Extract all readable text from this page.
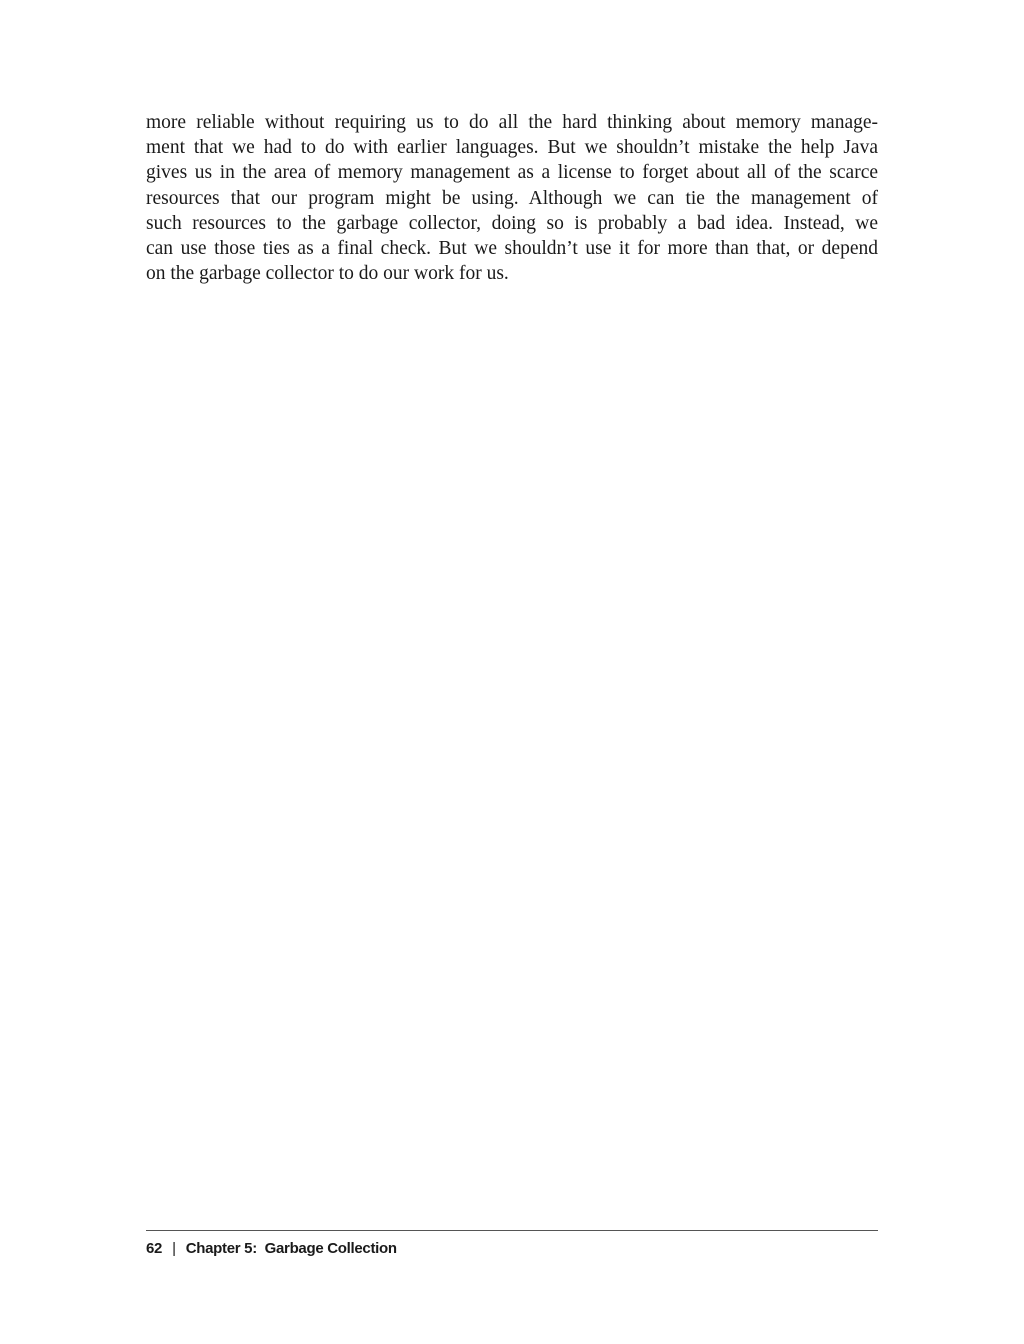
more reliable without requiring us to do all the hard thinking about memory manage-
ment that we had to do with earlier languages. But we shouldn’t mistake the help Java
gives us in the area of memory management as a license to forget about all of the scarce
resources that our program might be using. Although we can tie the management of
such resources to the garbage collector, doing so is probably a bad idea. Instead, we
can use those ties as a final check. But we shouldn’t use it for more than that, or depend
on the garbage collector to do our work for us.

62 | Chapter 5:  Garbage Collection
